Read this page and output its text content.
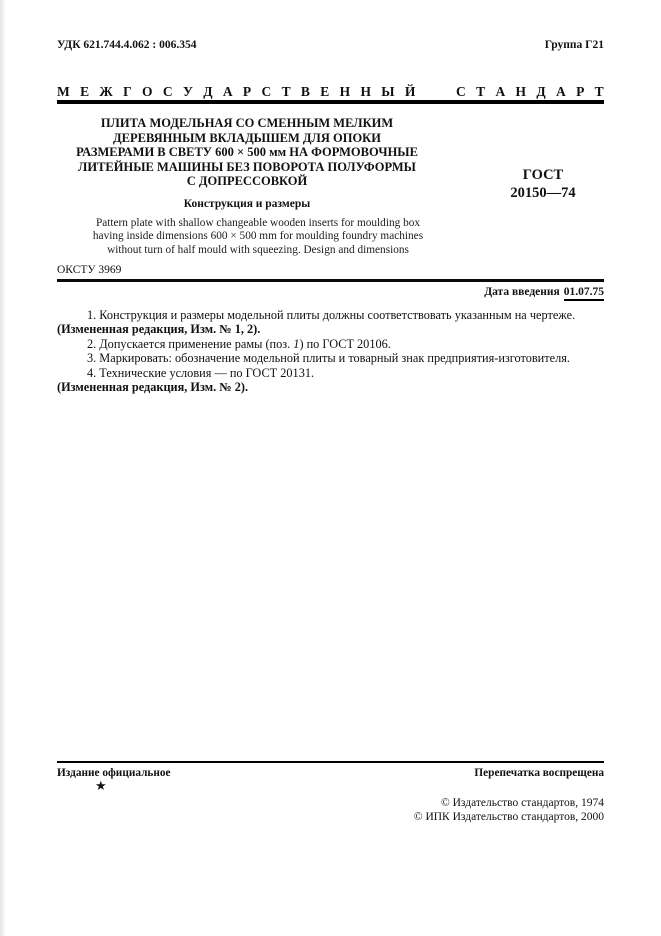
УДК 621.744.4.062 : 006.354	Группа Г21
М Е Ж Г О С У Д А Р С Т В Е Н Н Ы Й
	С Т А Н Д А Р Т
ПЛИТА МОДЕЛЬНАЯ СО СМЕННЫМ МЕЛКИМ
ДЕРЕВЯННЫМ ВКЛАДЫШЕМ ДЛЯ ОПОКИ
РАЗМЕРАМИ В СВЕТУ 600 × 500 мм НА ФОРМОВОЧНЫЕ
ЛИТЕЙНЫЕ МАШИНЫ БЕЗ ПОВОРОТА ПОЛУФОРМЫ
С ДОПРЕССОВКОЙ
Конструкция и размеры
ГОСТ
20150—74
Pattern plate with shallow changeable wooden inserts for moulding box
having inside dimensions 600 × 500 mm for moulding foundry machines
without turn of half mould with squeezing. Design and dimensions
ОКСТУ 3969
Дата введения 01.07.75
1. Конструкция и размеры модельной плиты должны соответствовать указанным на чертеже.
(Измененная редакция, Изм. № 1, 2).
2. Допускается применение рамы (поз. 1) по ГОСТ 20106.
3. Маркировать: обозначение модельной плиты и товарный знак предприятия-изготовителя.
4. Технические условия — по ГОСТ 20131.
(Измененная редакция, Изм. № 2).
Издание официальное	Перепечатка воспрещена
★
© Издательство стандартов, 1974
© ИПК Издательство стандартов, 2000
